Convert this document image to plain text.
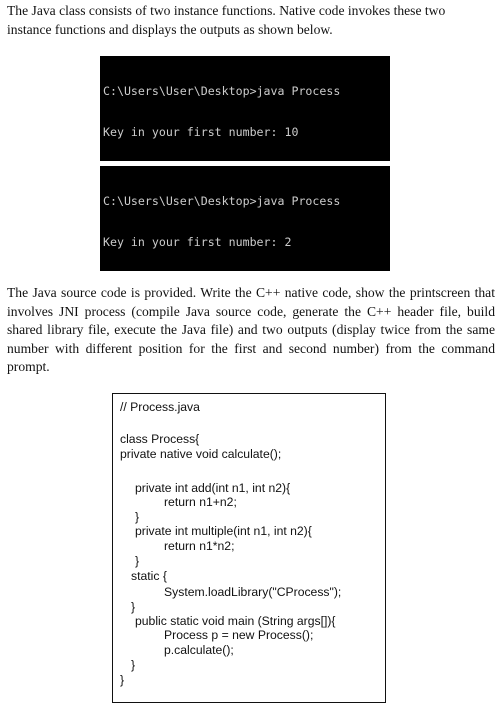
The Java class consists of two instance functions. Native code invokes these two
instance functions and displays the outputs as shown below.

C:\Users\User\Desktop>java Process

Key in your first number: 10

C:\Users\User\Desktop>java Process

Key in your first number: 2

The Java source code is provided. Write the C++ native code, show the printscreen that involves JNI process (compile Java source code, generate the C++ header file, build shared library file, execute the Java file) and two outputs (display twice from the same number with different position for the first and second number) from the command prompt.

// Process.java
class Process{
private native void calculate();
private int add(int n1, int n2){
return n1+n2;
}
private int multiple(int n1, int n2){
return n1*n2;
}
static {
System.loadLibrary("CProcess");
}
public static void main (String args[]){
Process p = new Process();
p.calculate();
}
}
